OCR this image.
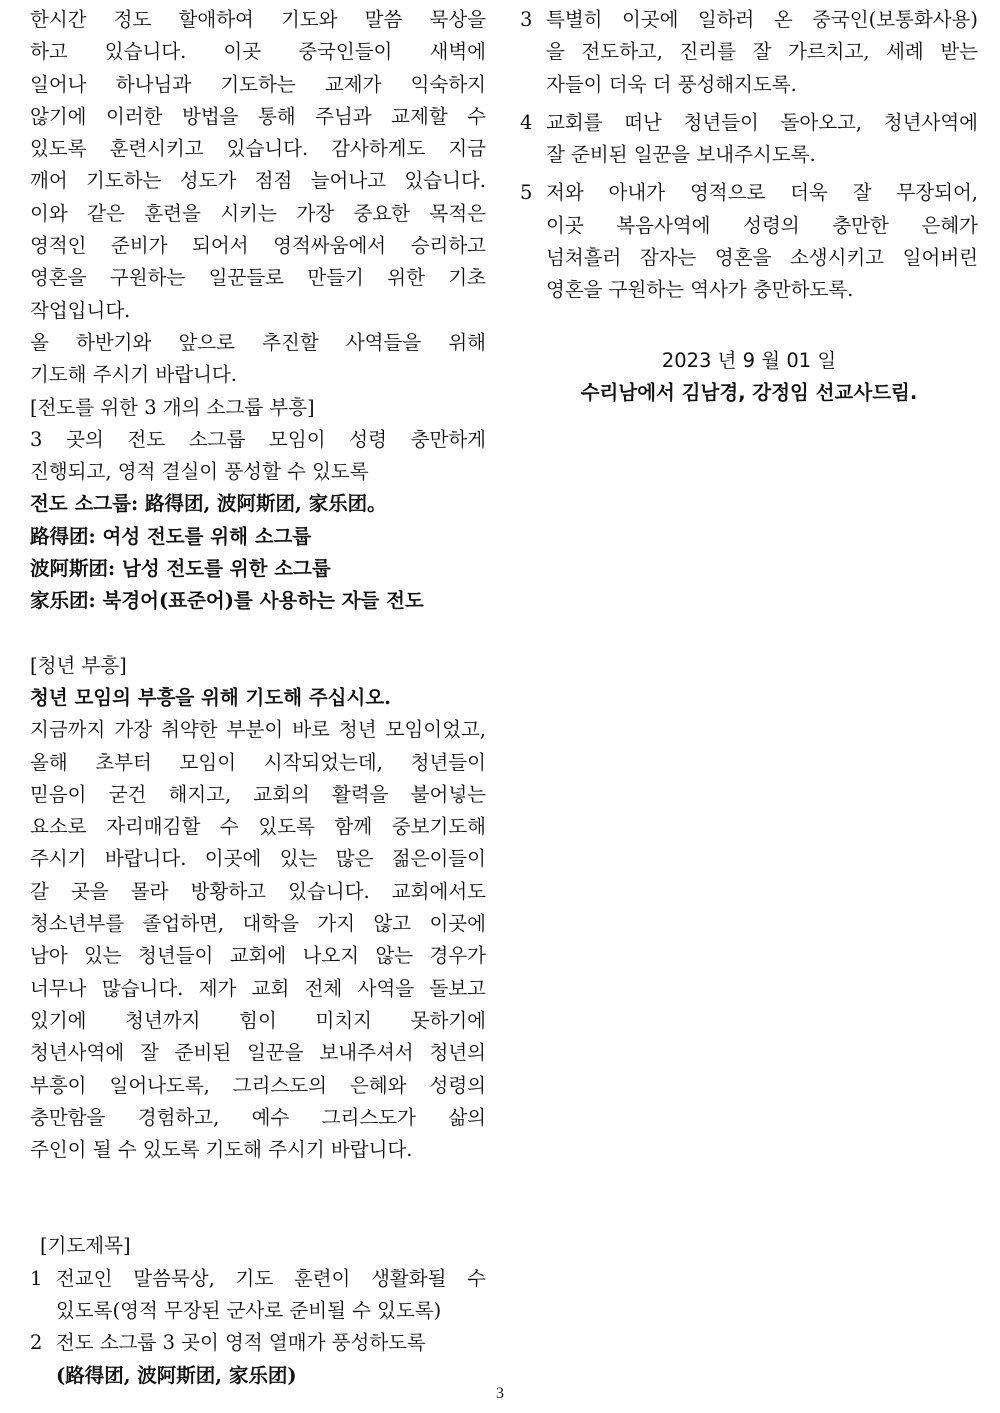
한시간 정도 할애하여 기도와 말씀 묵상을

하고 있습니다. 이곳 중국인들이 새벽에

일어나 하나님과 기도하는 교제가 익숙하지

않기에 이러한 방법을 통해 주님과 교제할 수

있도록 훈련시키고 있습니다. 감사하게도 지금

깨어 기도하는 성도가 점점 늘어나고 있습니다.

이와 같은 훈련을 시키는 가장 중요한 목적은

영적인 준비가 되어서 영적싸움에서 승리하고

영혼을 구원하는 일꾼들로 만들기 위한 기초

작업입니다.

올 하반기와 앞으로 추진할 사역들을 위해

기도해 주시기 바랍니다.

[전도를 위한 3 개의 소그룹 부흥]

3 곳의 전도 소그룹 모임이 성령 충만하게

진행되고, 영적 결실이 풍성할 수 있도록

전도 소그룹: 路得团, 波阿斯团, 家乐团。

路得团: 여성 전도를 위해 소그룹

波阿斯团: 남성 전도를 위한 소그룹

家乐团: 북경어(표준어)를 사용하는 자들 전도

[청년 부흥]

청년 모임의 부흥을 위해 기도해 주십시오.

지금까지 가장 취약한 부분이 바로 청년 모임이었고,

올해 초부터 모임이 시작되었는데, 청년들이

믿음이 굳건 해지고, 교회의 활력을 불어넣는

요소로 자리매김할 수 있도록 함께 중보기도해

주시기 바랍니다. 이곳에 있는 많은 젊은이들이

갈 곳을 몰라 방황하고 있습니다. 교회에서도

청소년부를 졸업하면, 대학을 가지 않고 이곳에

남아 있는 청년들이 교회에 나오지 않는 경우가

너무나 많습니다. 제가 교회 전체 사역을 돌보고

있기에 청년까지 힘이 미치지 못하기에

청년사역에 잘 준비된 일꾼을 보내주셔서 청년의

부흥이 일어나도록, 그리스도의 은혜와 성령의

충만함을 경험하고, 예수 그리스도가 삶의

주인이 될 수 있도록 기도해 주시기 바랍니다.

[기도제목]

1 전교인 말씀묵상, 기도 훈련이 생활화될 수

있도록(영적 무장된 군사로 준비될 수 있도록)

2 전도 소그룹 3 곳이 영적 열매가 풍성하도록

(路得团, 波阿斯团, 家乐团)

3 특별히 이곳에 일하러 온 중국인(보통화사용)

을 전도하고, 진리를 잘 가르치고, 세례 받는

자들이 더욱 더 풍성해지도록.

4 교회를 떠난 청년들이 돌아오고, 청년사역에

잘 준비된 일꾼을 보내주시도록.

5 저와 아내가 영적으로 더욱 잘 무장되어,

이곳 복음사역에 성령의 충만한 은혜가

넘쳐흘러 잠자는 영혼을 소생시키고 일어버린

영혼을 구원하는 역사가 충만하도록.

2023 년 9 월 01 일
수리남에서 김남경, 강정임 선교사드림.
3
